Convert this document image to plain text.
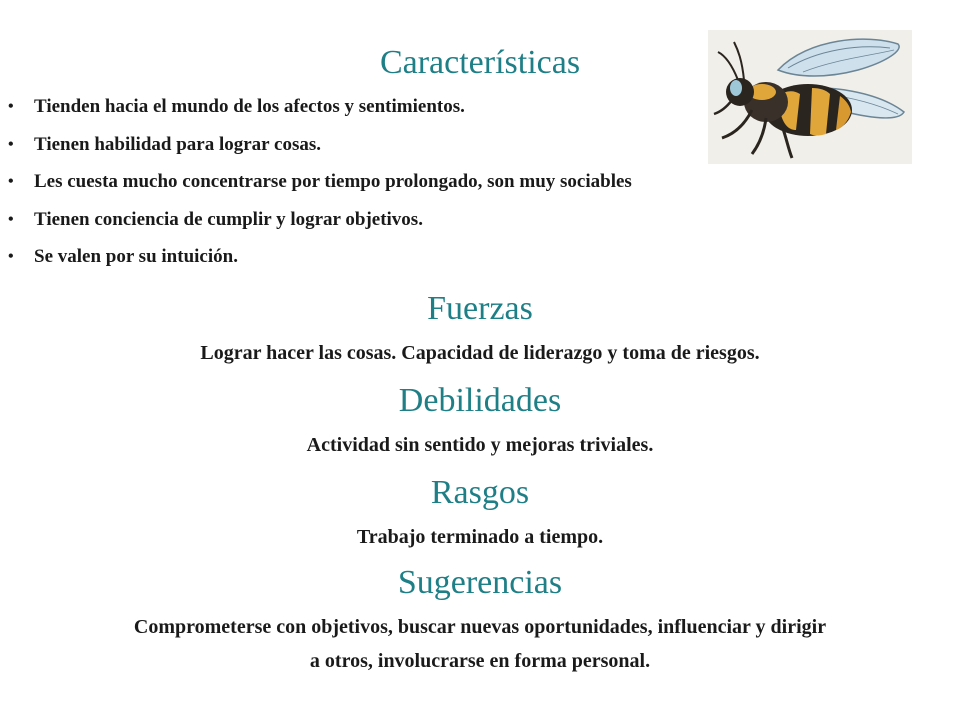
Características
• Tienden hacia el mundo de los afectos y sentimientos.
• Tienen habilidad para lograr cosas.
• Les cuesta mucho concentrarse por tiempo prolongado, son muy sociables
• Tienen conciencia de cumplir y lograr objetivos.
• Se valen por su intuición.
Fuerzas

Lograr hacer las cosas. Capacidad de liderazgo y toma de riesgos.

Debilidades

Actividad sin sentido y mejoras triviales.

Rasgos

Trabajo terminado a tiempo.

Sugerencias

Comprometerse con objetivos, buscar nuevas oportunidades, influenciar y dirigir

a otros, involucrarse en forma personal.
